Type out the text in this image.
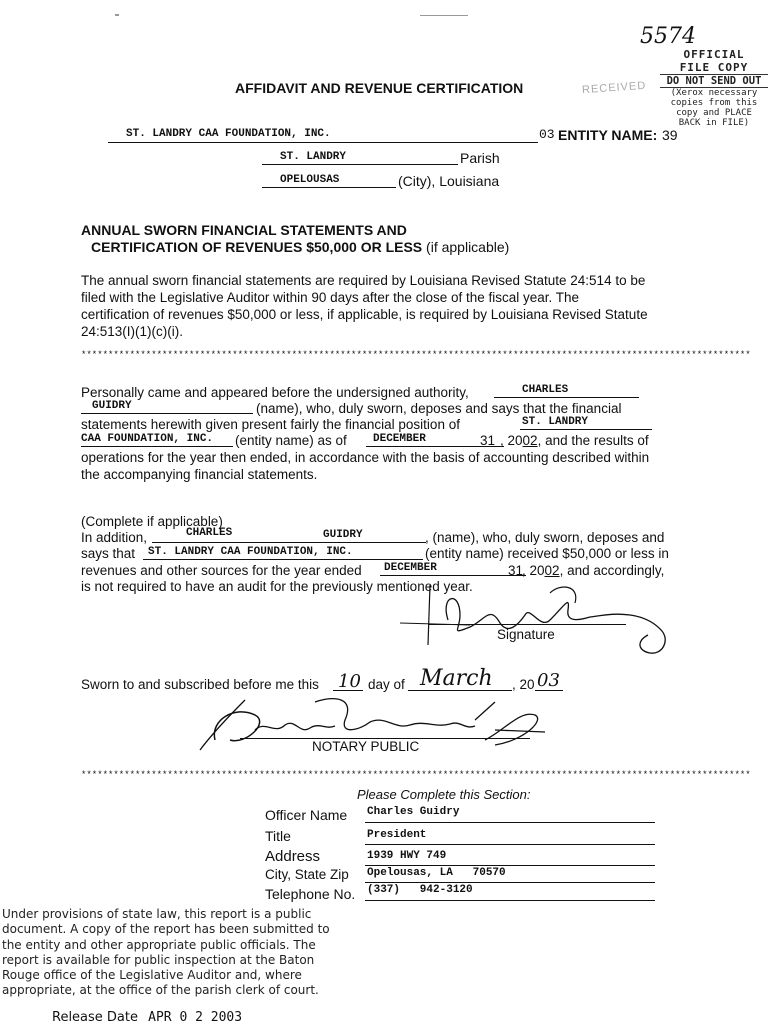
5574
OFFICIAL
FILE COPY
DO NOT SEND OUT
(Xerox necessary
copies from this
copy and PLACE
BACK in FILE)
RECEIVED
AFFIDAVIT AND REVENUE CERTIFICATION
ST. LANDRY CAA FOUNDATION, INC.	03 ENTITY NAME: 39
ST. LANDRY	Parish
OPELOUSAS	(City), Louisiana
ANNUAL SWORN FINANCIAL STATEMENTS AND
CERTIFICATION OF REVENUES $50,000 OR LESS (if applicable)
The annual sworn financial statements are required by Louisiana Revised Statute 24:514 to be
filed with the Legislative Auditor within 90 days after the close of the fiscal year. The
certification of revenues $50,000 or less, if applicable, is required by Louisiana Revised Statute
24:513(I)(1)(c)(i).
****************************************************************************************************************************
Personally came and appeared before the undersigned authority,	CHARLES
GUIDRY	(name), who, duly sworn, deposes and says that the financial
statements herewith given present fairly the financial position of	ST. LANDRY
CAA FOUNDATION, INC. (entity name) as of DECEMBER	31 , 2002, and the results of
operations for the year then ended, in accordance with the basis of accounting described within
the accompanying financial statements.
(Complete if applicable)
In addition,	CHARLES	GUIDRY	, (name), who, duly sworn, deposes and
says that ST. LANDRY CAA FOUNDATION, INC.	(entity name) received $50,000 or less in
revenues and other sources for the year ended DECEMBER	31
, 2002, and accordingly,
is not required to have an audit for the previously mentioned year.
Signature
Sworn to and subscribed before me this 10 day of March , 20 03
NOTARY PUBLIC
****************************************************************************************************************************
Please Complete this Section:
Officer Name Charles Guidry
Title	President
Address	1939 HWY 749
City, State Zip Opelousas, LA   70570
Telephone No. (337)   942-3120
Under provisions of state law, this report is a public
document. A copy of the report has been submitted to
the entity and other appropriate public officials. The
report is available for public inspection at the Baton
Rouge office of the Legislative Auditor and, where
appropriate, at the office of the parish clerk of court.
Release Date APR 0 2 2003
